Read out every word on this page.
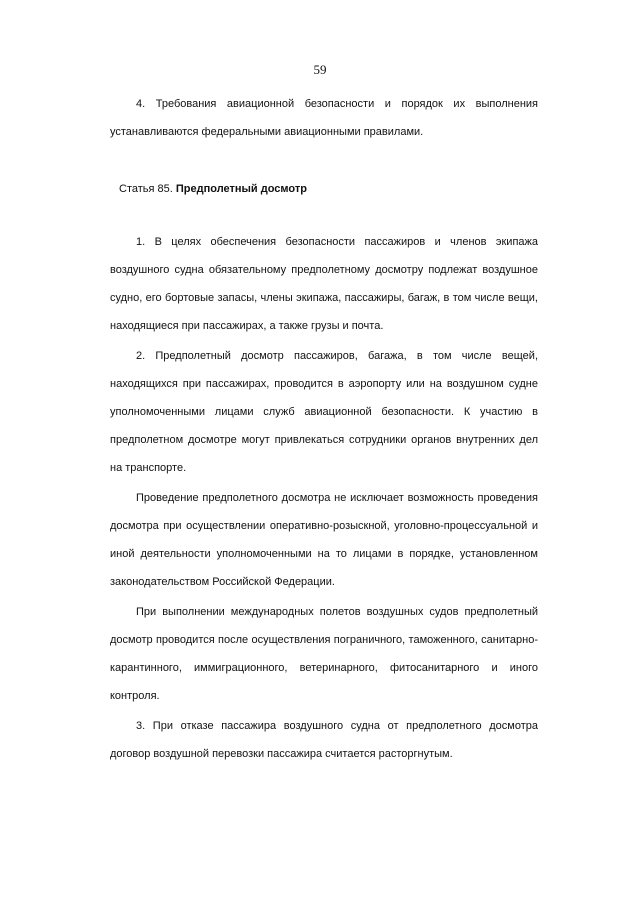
59

4. Требования авиационной безопасности и порядок их выполнения устанавливаются федеральными авиационными правилами.

Статья 85. Предполетный досмотр

1. В целях обеспечения безопасности пассажиров и членов экипажа воздушного судна обязательному предполетному досмотру подлежат воздушное судно, его бортовые запасы, члены экипажа, пассажиры, багаж, в том числе вещи, находящиеся при пассажирах, а также грузы и почта.

2. Предполетный досмотр пассажиров, багажа, в том числе вещей, находящихся при пассажирах, проводится в аэропорту или на воздушном судне уполномоченными лицами служб авиационной безопасности. К участию в предполетном досмотре могут привлекаться сотрудники органов внутренних дел на транспорте.

Проведение предполетного досмотра не исключает возможность проведения досмотра при осуществлении оперативно-розыскной, уголовно-процессуальной и иной деятельности уполномоченными на то лицами в порядке, установленном законодательством Российской Федерации.

При выполнении международных полетов воздушных судов предполетный досмотр проводится после осуществления пограничного, таможенного, санитарно-карантинного, иммиграционного, ветеринарного, фитосанитарного и иного контроля.

3. При отказе пассажира воздушного судна от предполетного досмотра договор воздушной перевозки пассажира считается расторгнутым.
